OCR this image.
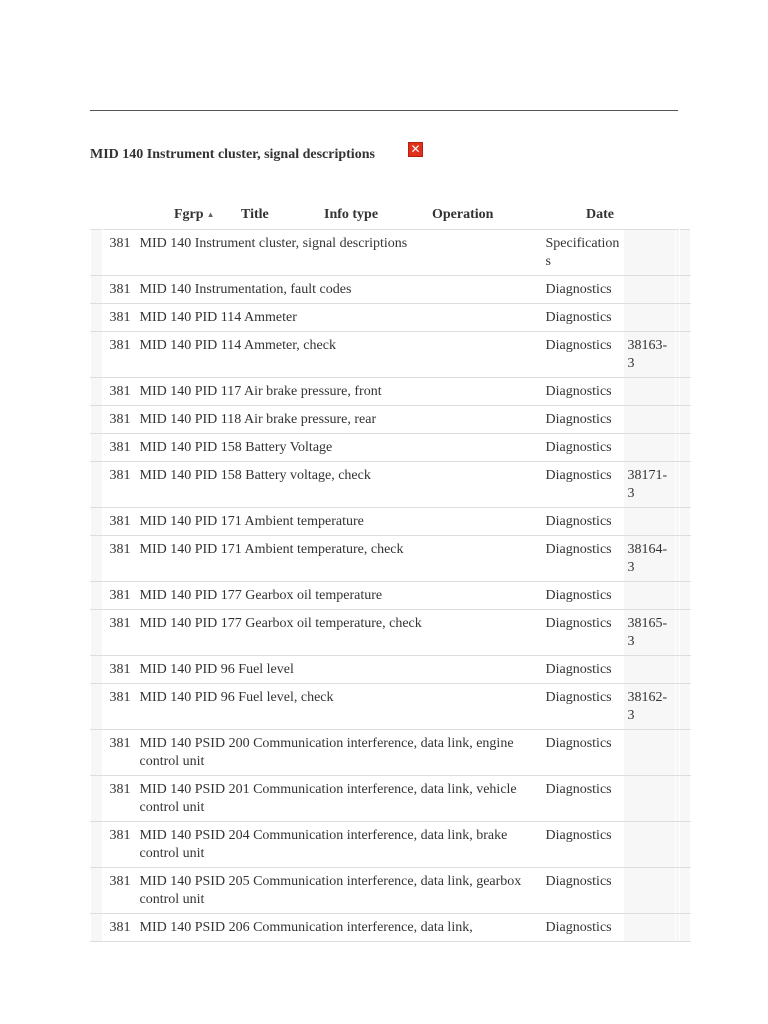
MID 140 Instrument cluster, signal descriptions	✕
Fgrp ▲	Title	Info type	Operation	Date
	381	MID 140 Instrument cluster, signal descriptions	Specifications			
	381	MID 140 Instrumentation, fault codes	Diagnostics			
	381	MID 140 PID 114 Ammeter	Diagnostics			
	381	MID 140 PID 114 Ammeter, check	Diagnostics	38163-3		
	381	MID 140 PID 117 Air brake pressure, front	Diagnostics			
	381	MID 140 PID 118 Air brake pressure, rear	Diagnostics			
	381	MID 140 PID 158 Battery Voltage	Diagnostics			
	381	MID 140 PID 158 Battery voltage, check	Diagnostics	38171-3		
	381	MID 140 PID 171 Ambient temperature	Diagnostics			
	381	MID 140 PID 171 Ambient temperature, check	Diagnostics	38164-3		
	381	MID 140 PID 177 Gearbox oil temperature	Diagnostics			
	381	MID 140 PID 177 Gearbox oil temperature, check	Diagnostics	38165-3		
	381	MID 140 PID 96 Fuel level	Diagnostics			
	381	MID 140 PID 96 Fuel level, check	Diagnostics	38162-3		
	381	MID 140 PSID 200 Communication interference, data link, engine control unit	Diagnostics			
	381	MID 140 PSID 201 Communication interference, data link, vehicle control unit	Diagnostics			
	381	MID 140 PSID 204 Communication interference, data link, brake control unit	Diagnostics			
	381	MID 140 PSID 205 Communication interference, data link, gearbox control unit	Diagnostics			
	381	MID 140 PSID 206 Communication interference, data link,	Diagnostics			
